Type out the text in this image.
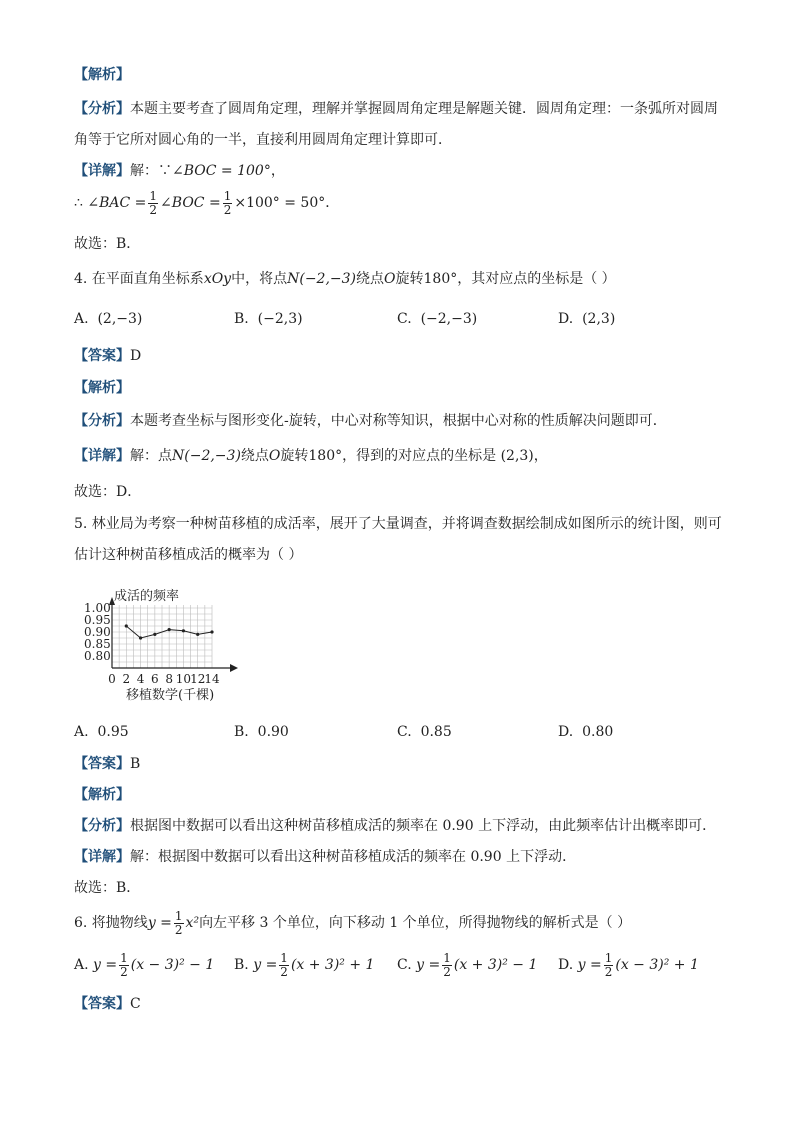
【解析】
【分析】本题主要考查了圆周角定理，理解并掌握圆周角定理是解题关键．圆周角定理：一条弧所对圆周
角等于它所对圆心角的一半，直接利用圆周角定理计算即可．
【详解】解：∵∠BOC = 100°，
∴
∠BAC = $\frac{1}{2}$ ∠BOC = $\frac{1}{2} \times 100^\circ = 50^\circ$ ．
故选：B．
4. 在平面直角坐标系xOy中，将点N(−2,−3)绕点O旋转180°，其对应点的坐标是（ ）
A. (2,−3)	B. (−2,3)	C. (−2,−3)	D. (2,3)
【答案】D
【解析】
【分析】本题考查坐标与图形变化-旋转，中心对称等知识，根据中心对称的性质解决问题即可．
【详解】解：点N(−2,−3)绕点O旋转180°，得到的对应点的坐标是 (2,3)，
故选：D．
5. 林业局为考察一种树苗移植的成活率，展开了大量调查，并将调查数据绘制成如图所示的统计图，则可
估计这种树苗移植成活的概率为（ ）
0.80
0.85
0.90
0.95
1.00
0 2 4 6 8 10 12 14
成活的频率
移植数学(千棵)
A. 0.95	B. 0.90	C. 0.85	D. 0.80
【答案】B
【解析】
【分析】根据图中数据可以看出这种树苗移植成活的频率在 0.90 上下浮动，由此频率估计出概率即可．
【详解】解：根据图中数据可以看出这种树苗移植成活的频率在 0.90 上下浮动．
故选：B．
6. 将抛物线 $y = \frac{1}{2} x^2$ 向左平移 3 个单位，向下移动 1 个单位，所得抛物线的解析式是（ ）
A.
$y = \frac{1}{2} (x - 3)^2 - 1$ B.
$y = \frac{1}{2} (x + 3)^2 + 1$ C.
$y = \frac{1}{2} (x + 3)^2 - 1$ D.
$y = \frac{1}{2} (x - 3)^2 + 1$
【答案】C
